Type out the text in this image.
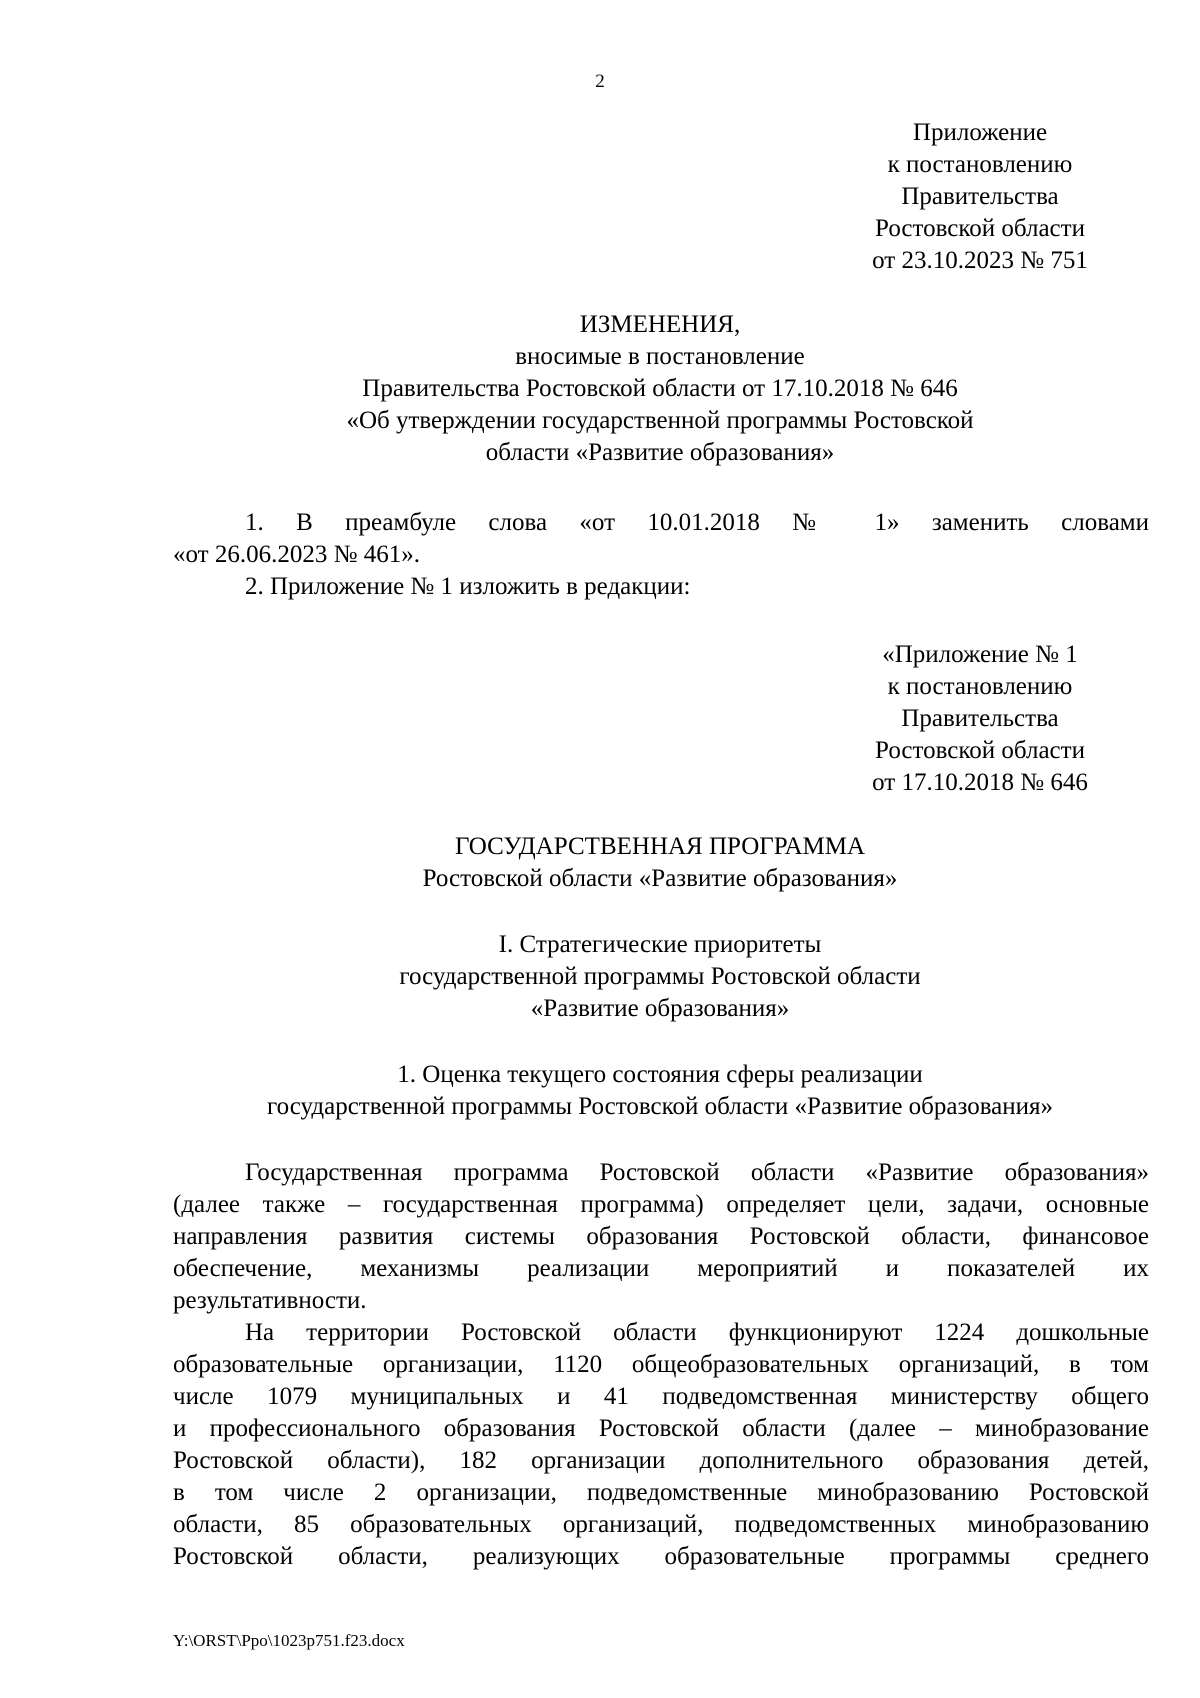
2
Приложение
к постановлению
Правительства
Ростовской области
от 23.10.2023 № 751
ИЗМЕНЕНИЯ,
вносимые в постановление
Правительства Ростовской области от 17.10.2018 № 646
«Об утверждении государственной программы Ростовской
области «Развитие образования»
1. В преамбуле слова «от 10.01.2018 № 1» заменить словами
«от 26.06.2023 № 461».
2. Приложение № 1 изложить в редакции:
«Приложение № 1
к постановлению
Правительства
Ростовской области
от 17.10.2018 № 646
ГОСУДАРСТВЕННАЯ ПРОГРАММА
Ростовской области «Развитие образования»
I. Стратегические приоритеты
государственной программы Ростовской области
«Развитие образования»
1. Оценка текущего состояния сферы реализации
государственной программы Ростовской области «Развитие образования»
Государственная программа Ростовской области «Развитие образования»
(далее также – государственная программа) определяет цели, задачи, основные
направления развития системы образования Ростовской области, финансовое
обеспечение, механизмы реализации мероприятий и показателей их
результативности.
На территории Ростовской области функционируют 1224 дошкольные
образовательные организации, 1120 общеобразовательных организаций, в том
числе 1079 муниципальных и 41 подведомственная министерству общего
и профессионального образования Ростовской области (далее – минобразование
Ростовской области), 182 организации дополнительного образования детей,
в том числе 2 организации, подведомственные минобразованию Ростовской
области, 85 образовательных организаций, подведомственных минобразованию
Ростовской области, реализующих образовательные программы среднего
Y:\ORST\Ppo\1023p751.f23.docx
